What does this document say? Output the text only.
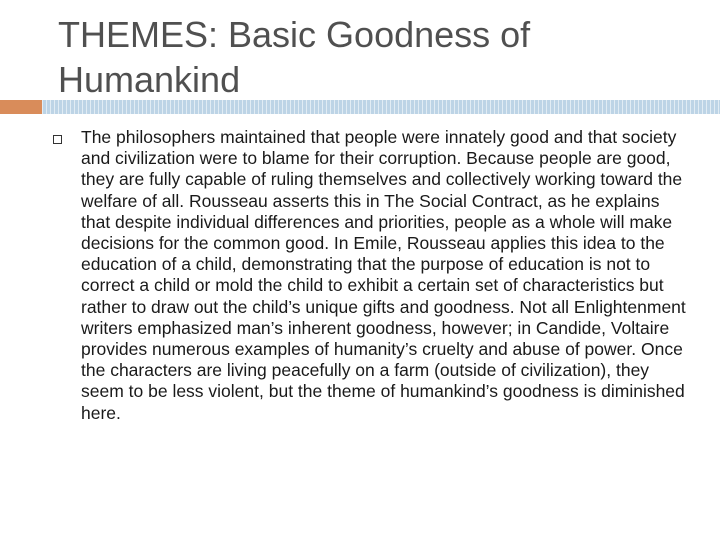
THEMES: Basic Goodness of Humankind

The philosophers maintained that people were innately good and that society and civilization were to blame for their corruption. Because people are good, they are fully capable of ruling themselves and collectively working toward the welfare of all. Rousseau asserts this in The Social Contract, as he explains that despite individual differences and priorities, people as a whole will make decisions for the common good. In Emile, Rousseau applies this idea to the education of a child, demonstrating that the purpose of education is not to correct a child or mold the child to exhibit a certain set of characteristics but rather to draw out the child’s unique gifts and goodness. Not all Enlightenment writers emphasized man’s inherent goodness, however; in Candide, Voltaire provides numerous examples of humanity’s cruelty and abuse of power. Once the characters are living peacefully on a farm (outside of civilization), they seem to be less violent, but the theme of humankind’s goodness is diminished here.
